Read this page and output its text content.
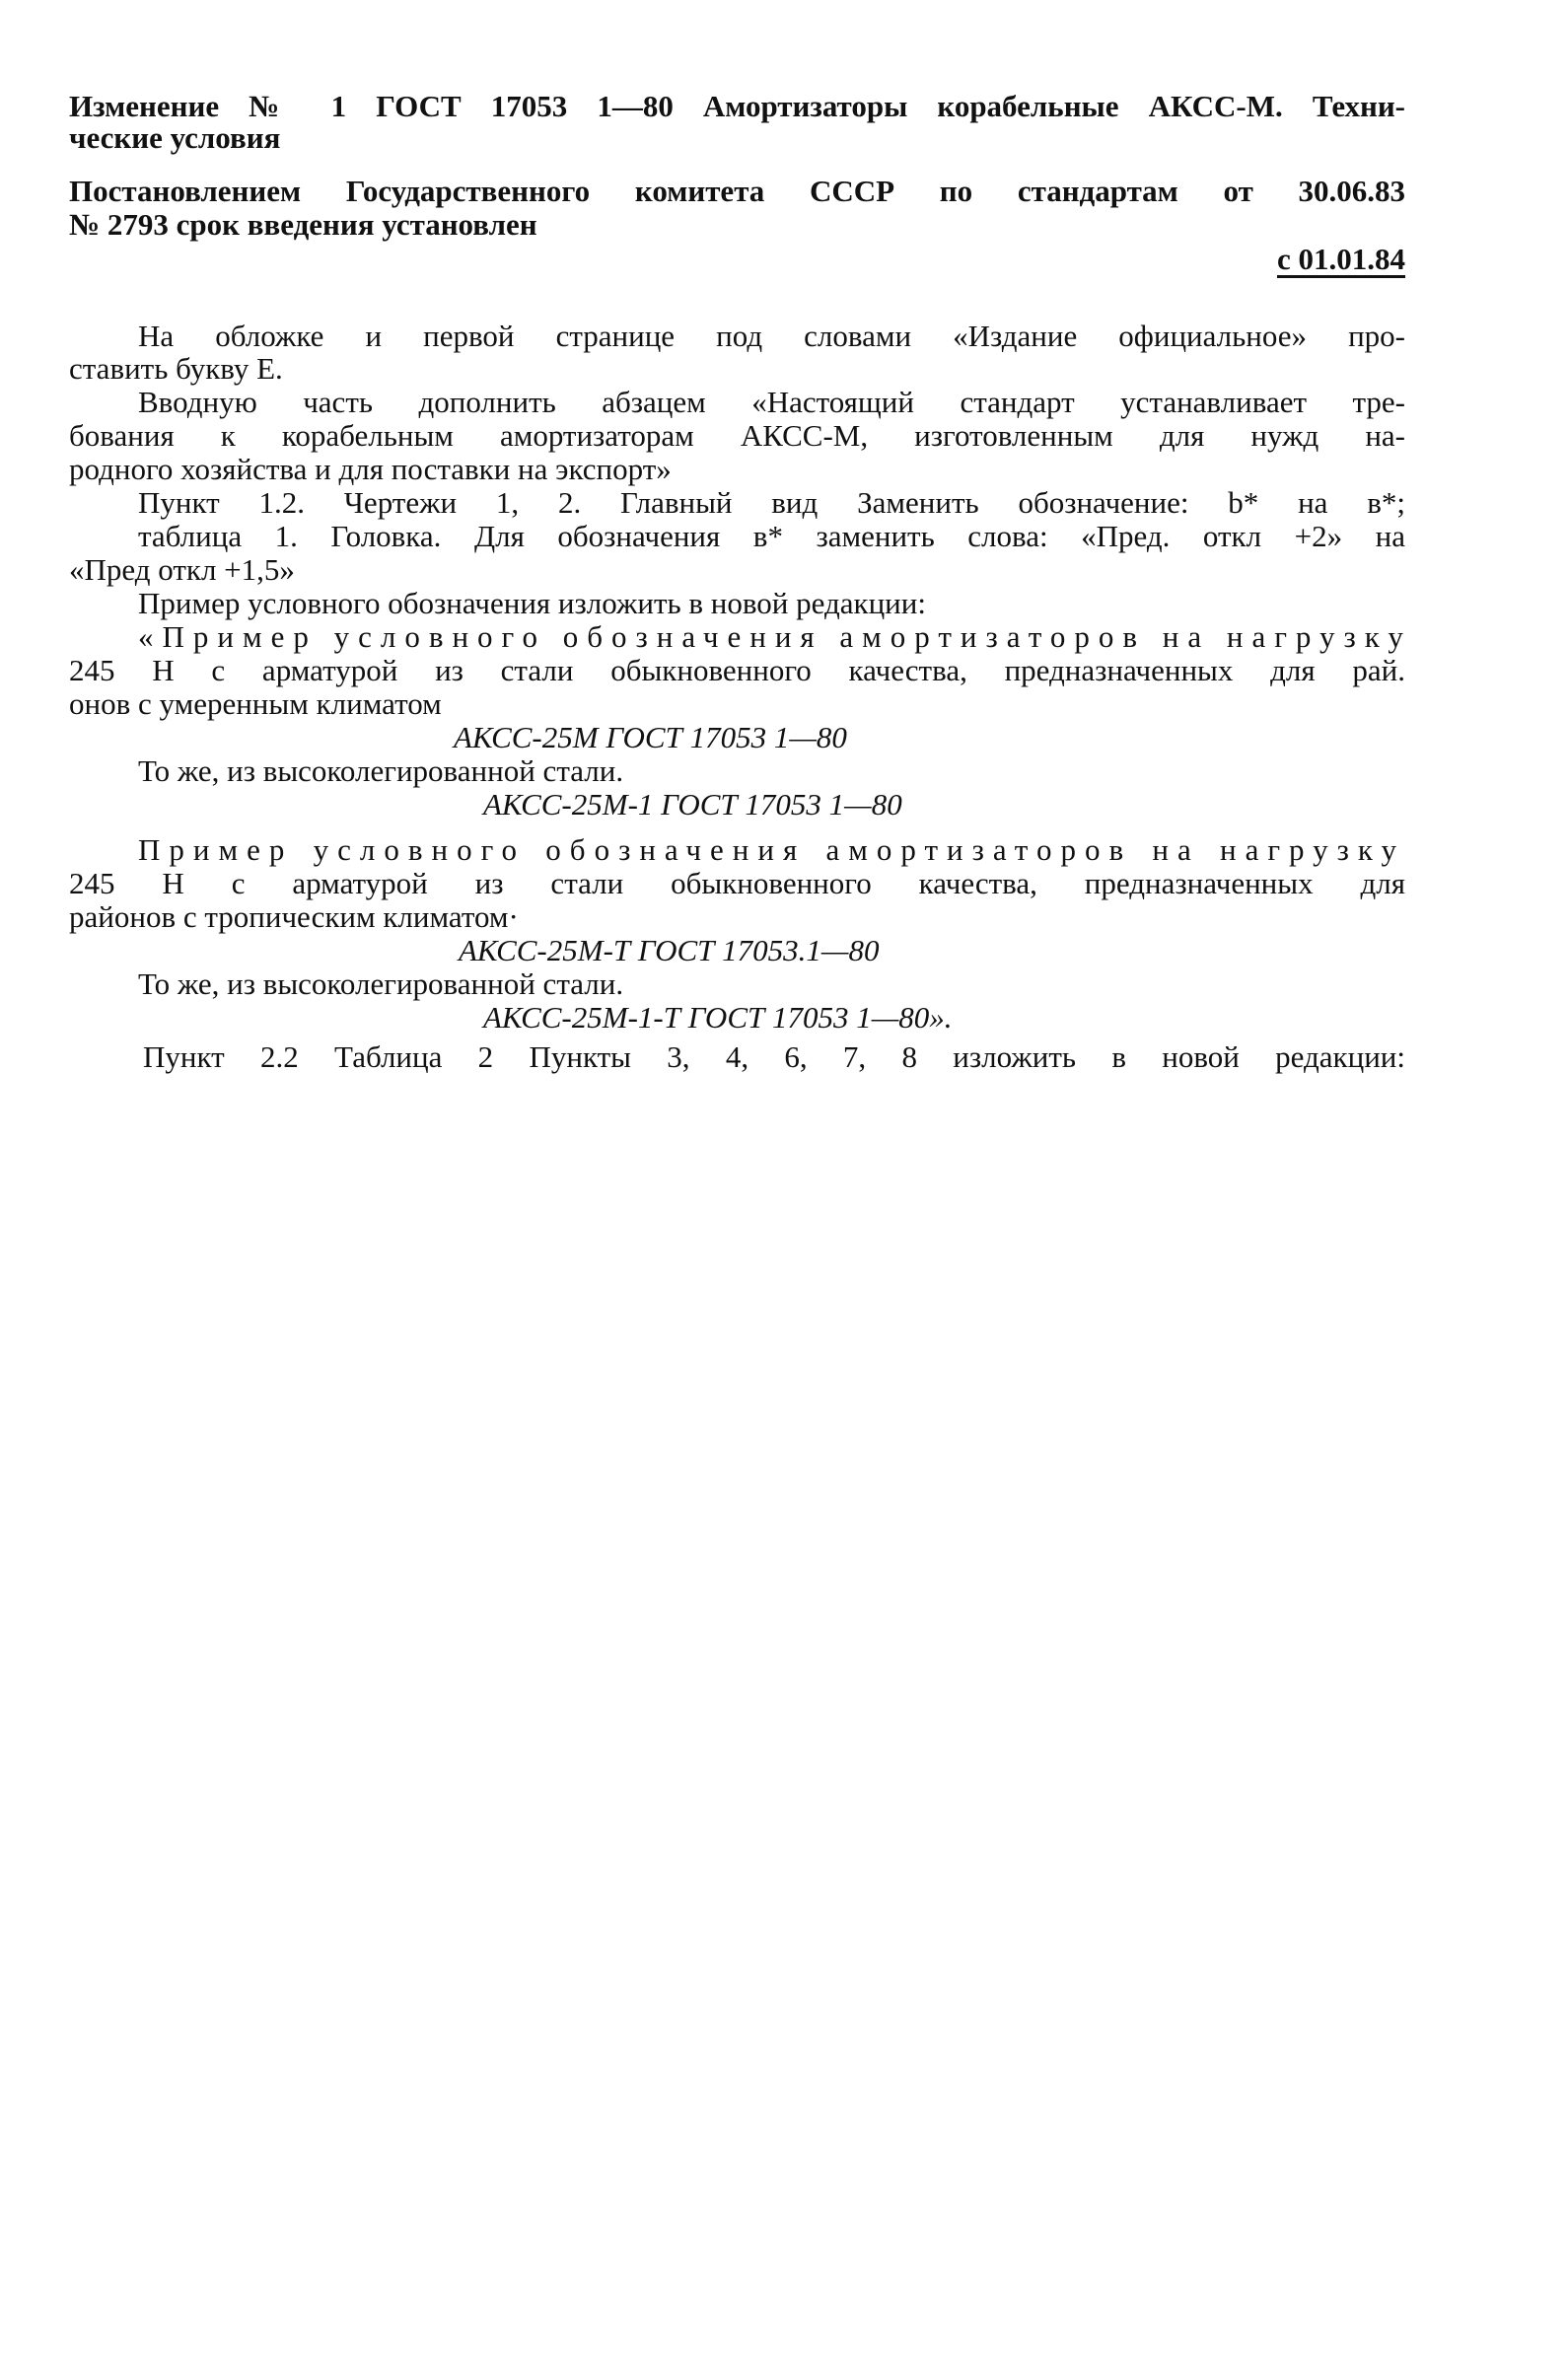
Изменение № 1 ГОСТ 17053 1—80 Амортизаторы корабельные АКСС-М. Техни-
ческие условия
Постановлением Государственного комитета СССР по стандартам от 30.06.83
№ 2793 срок введения установлен
с 01.01.84
На обложке и первой странице под словами «Издание официальное» про-
ставить букву Е.
Вводную часть дополнить абзацем «Настоящий стандарт устанавливает тре-
бования к корабельным амортизаторам АКСС-М, изготовленным для нужд на-
родного хозяйства и для поставки на экспорт»
Пункт 1.2. Чертежи 1, 2. Главный вид Заменить обозначение: b* на в*;
таблица 1. Головка. Для обозначения в* заменить слова: «Пред. откл +2» на
«Пред откл +1,5»
Пример условного обозначения изложить в новой редакции:
«Пример условного обозначения амортизаторов на нагрузку
245 Н с арматурой из стали обыкновенного качества, предназначенных для рай.
онов с умеренным климатом
АКСС-25М ГОСТ 17053 1—80
То же, из высоколегированной стали.
АКСС-25М-1 ГОСТ 17053 1—80
Пример условного обозначения амортизаторов на нагрузку
245 Н с арматурой из стали обыкновенного качества, предназначенных для
районов с тропическим климатом·
АКСС-25М-Т ГОСТ 17053.1—80
То же, из высоколегированной стали.
АКСС-25М-1-Т ГОСТ 17053 1—80».
Пункт 2.2 Таблица 2 Пункты 3, 4, 6, 7, 8 изложить в новой редакции:
